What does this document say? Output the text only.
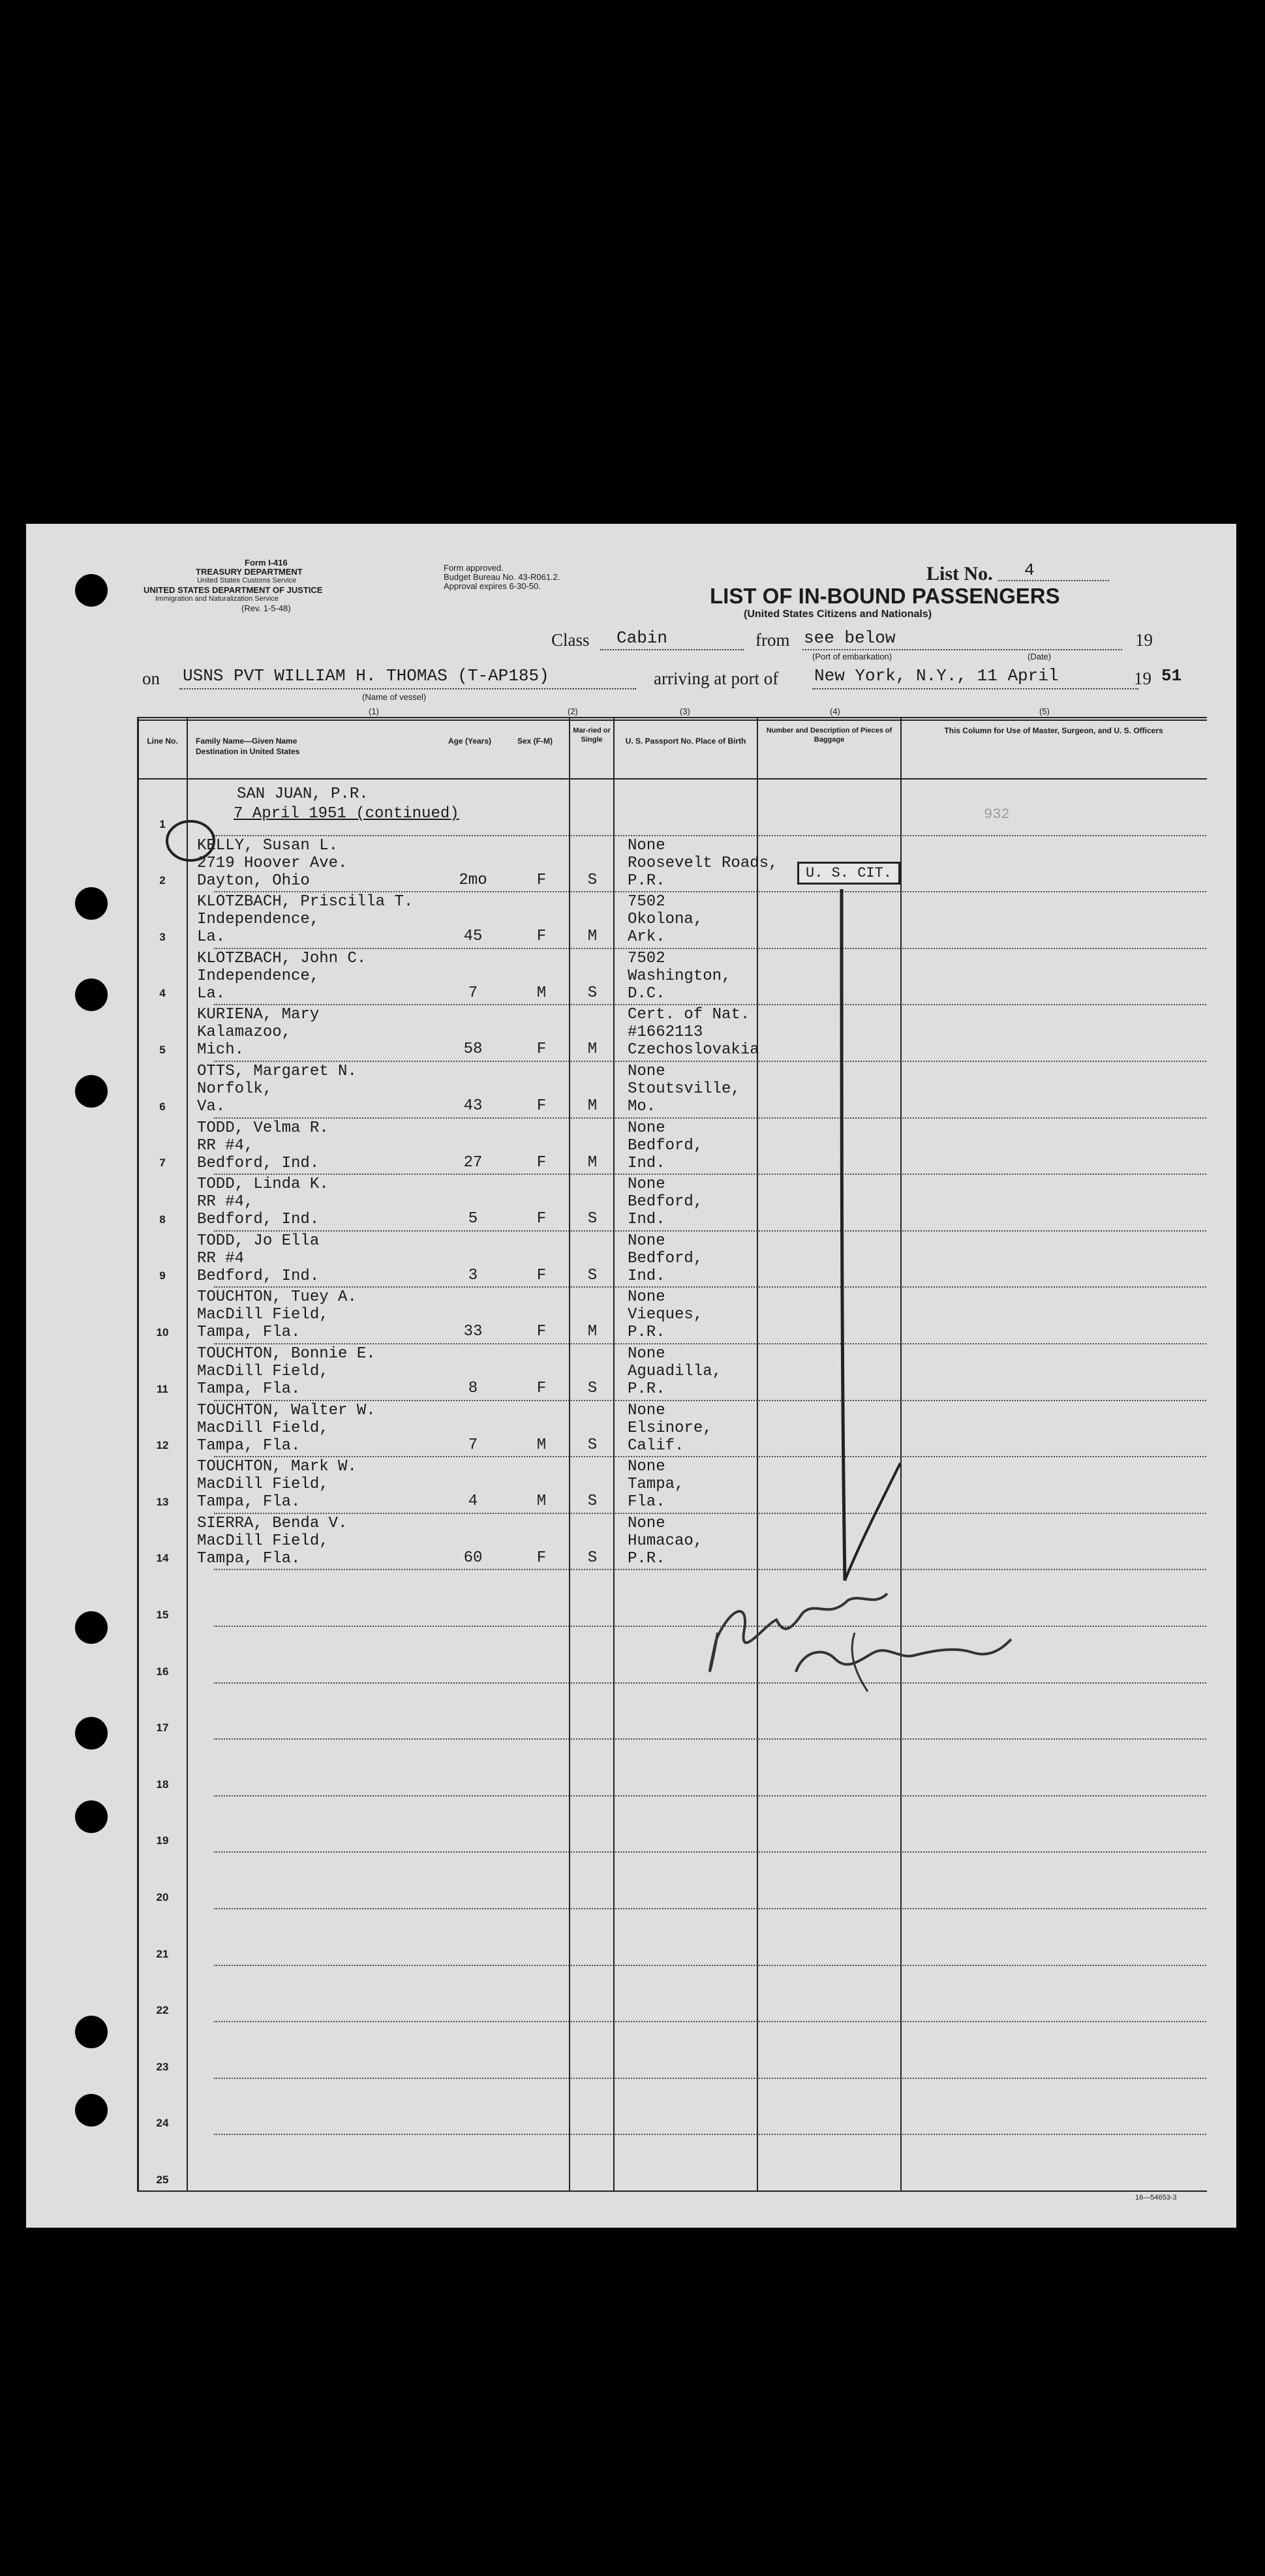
Form I-416
TREASURY DEPARTMENT
United States Customs Service
UNITED STATES DEPARTMENT OF JUSTICE
Immigration and Naturalization Service
(Rev. 1-5-48)
Form approved.
Budget Bureau No. 43-R061.2.
Approval expires 6-30-50.
List No. 4
LIST OF IN-BOUND PASSENGERS
(United States Citizens and Nationals)
Class Cabin	from see below	19
(Port of embarkation)	(Date)
on USNS PVT WILLIAM H. THOMAS (T-AP185)
(Name of vessel)
arriving at port of New York, N.Y., 11 April	19 51
(1)	(2)	(3)	(4)	(5)
Line No.	Family Name—Given Name
Destination in United States
Age (Years)	Sex (F-M)
Mar-ried or Single	U. S. Passport No. Place of Birth
Number and Description of Pieces of Baggage
This Column for Use of Master, Surgeon, and U. S. Officers
SAN JUAN, P.R.
7 April 1951 (continued)	932
1
2
KELLY, Susan L.
2719 Hoover Ave.
Dayton, Ohio	2mo	F	S
None
Roosevelt Roads,
P.R.
3
KLOTZBACH, Priscilla T.
Independence,
La.	45	F	M
7502
Okolona,
Ark.
4
KLOTZBACH, John C.
Independence,
La.	7	M	S
7502
Washington,
D.C.
5
KURIENA, Mary
Kalamazoo,
Mich.	58	F	M
Cert. of Nat.
#1662113
Czechoslovakia
6
OTTS, Margaret N.
Norfolk,
Va.	43	F	M
None
Stoutsville,
Mo.
7
TODD, Velma R.
RR #4,
Bedford, Ind.	27	F	M
None
Bedford,
Ind.
8
TODD, Linda K.
RR #4,
Bedford, Ind.	5	F	S
None
Bedford,
Ind.
9
TODD, Jo Ella
RR #4
Bedford, Ind.	3	F	S
None
Bedford,
Ind.
10
TOUCHTON, Tuey A.
MacDill Field,
Tampa, Fla.	33	F	M
None
Vieques,
P.R.
11
TOUCHTON, Bonnie E.
MacDill Field,
Tampa, Fla.	8	F	S
None
Aguadilla,
P.R.
12
TOUCHTON, Walter W.
MacDill Field,
Tampa, Fla.	7	M	S
None
Elsinore,
Calif.
13
TOUCHTON, Mark W.
MacDill Field,
Tampa, Fla.	4	M	S
None
Tampa,
Fla.
14
SIERRA, Benda V.
MacDill Field,
Tampa, Fla.	60	F	S
None
Humacao,
P.R.
15
16
17
18
19
20
21
22
23
24
25
U. S. CIT.
16—54653-3
